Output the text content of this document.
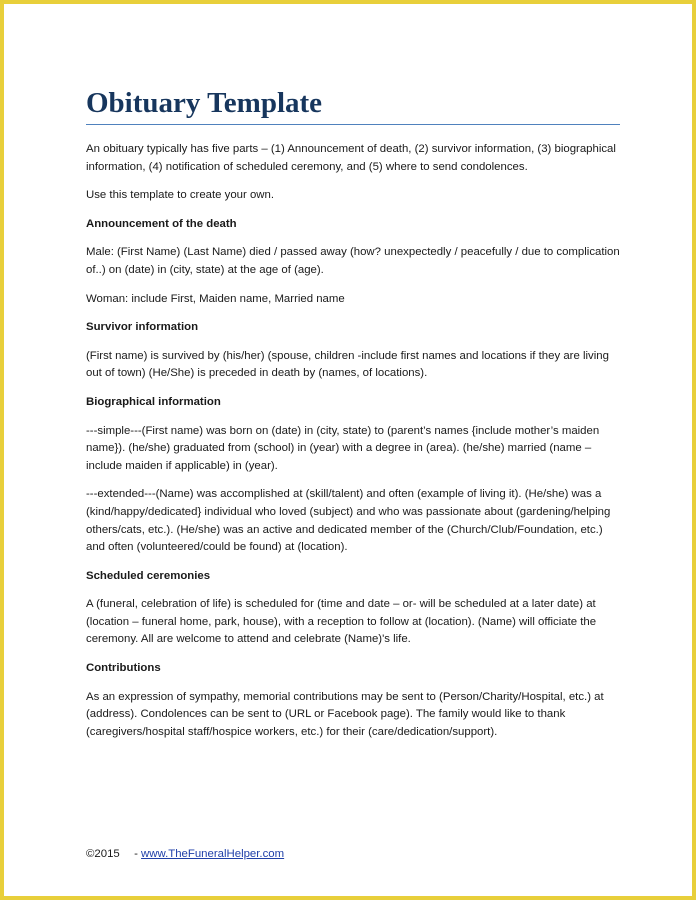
Obituary Template

An obituary typically has five parts – (1) Announcement of death, (2) survivor information, (3) biographical information, (4) notification of scheduled ceremony, and (5) where to send condolences.

Use this template to create your own.

Announcement of the death

Male: (First Name) (Last Name) died / passed away (how? unexpectedly / peacefully / due to complication of..) on (date) in (city, state) at the age of (age).

Woman: include First, Maiden name, Married name

Survivor information

(First name) is survived by (his/her) (spouse, children -include first names and locations if they are living out of town) (He/She) is preceded in death by (names, of locations).

Biographical information

---simple---(First name) was born on (date) in (city, state) to (parent’s names {include mother’s maiden name}). (he/she) graduated from (school) in (year) with a degree in (area). (he/she) married (name – include maiden if applicable) in (year).

---extended---(Name) was accomplished at (skill/talent) and often (example of living it). (He/she) was a (kind/happy/dedicated} individual who loved (subject) and who was passionate about (gardening/helping others/cats, etc.). (He/she) was an active and dedicated member of the (Church/Club/Foundation, etc.) and often (volunteered/could be found) at (location).

Scheduled ceremonies

A (funeral, celebration of life) is scheduled for (time and date – or- will be scheduled at a later date) at (location – funeral home, park, house), with a reception to follow at (location). (Name) will officiate the ceremony. All are welcome to attend and celebrate (Name)'s life.

Contributions

As an expression of sympathy, memorial contributions may be sent to (Person/Charity/Hospital, etc.) at (address). Condolences can be sent to (URL or Facebook page). The family would like to thank (caregivers/hospital staff/hospice workers, etc.) for their (care/dedication/support).

©2015 - www.TheFuneralHelper.com
